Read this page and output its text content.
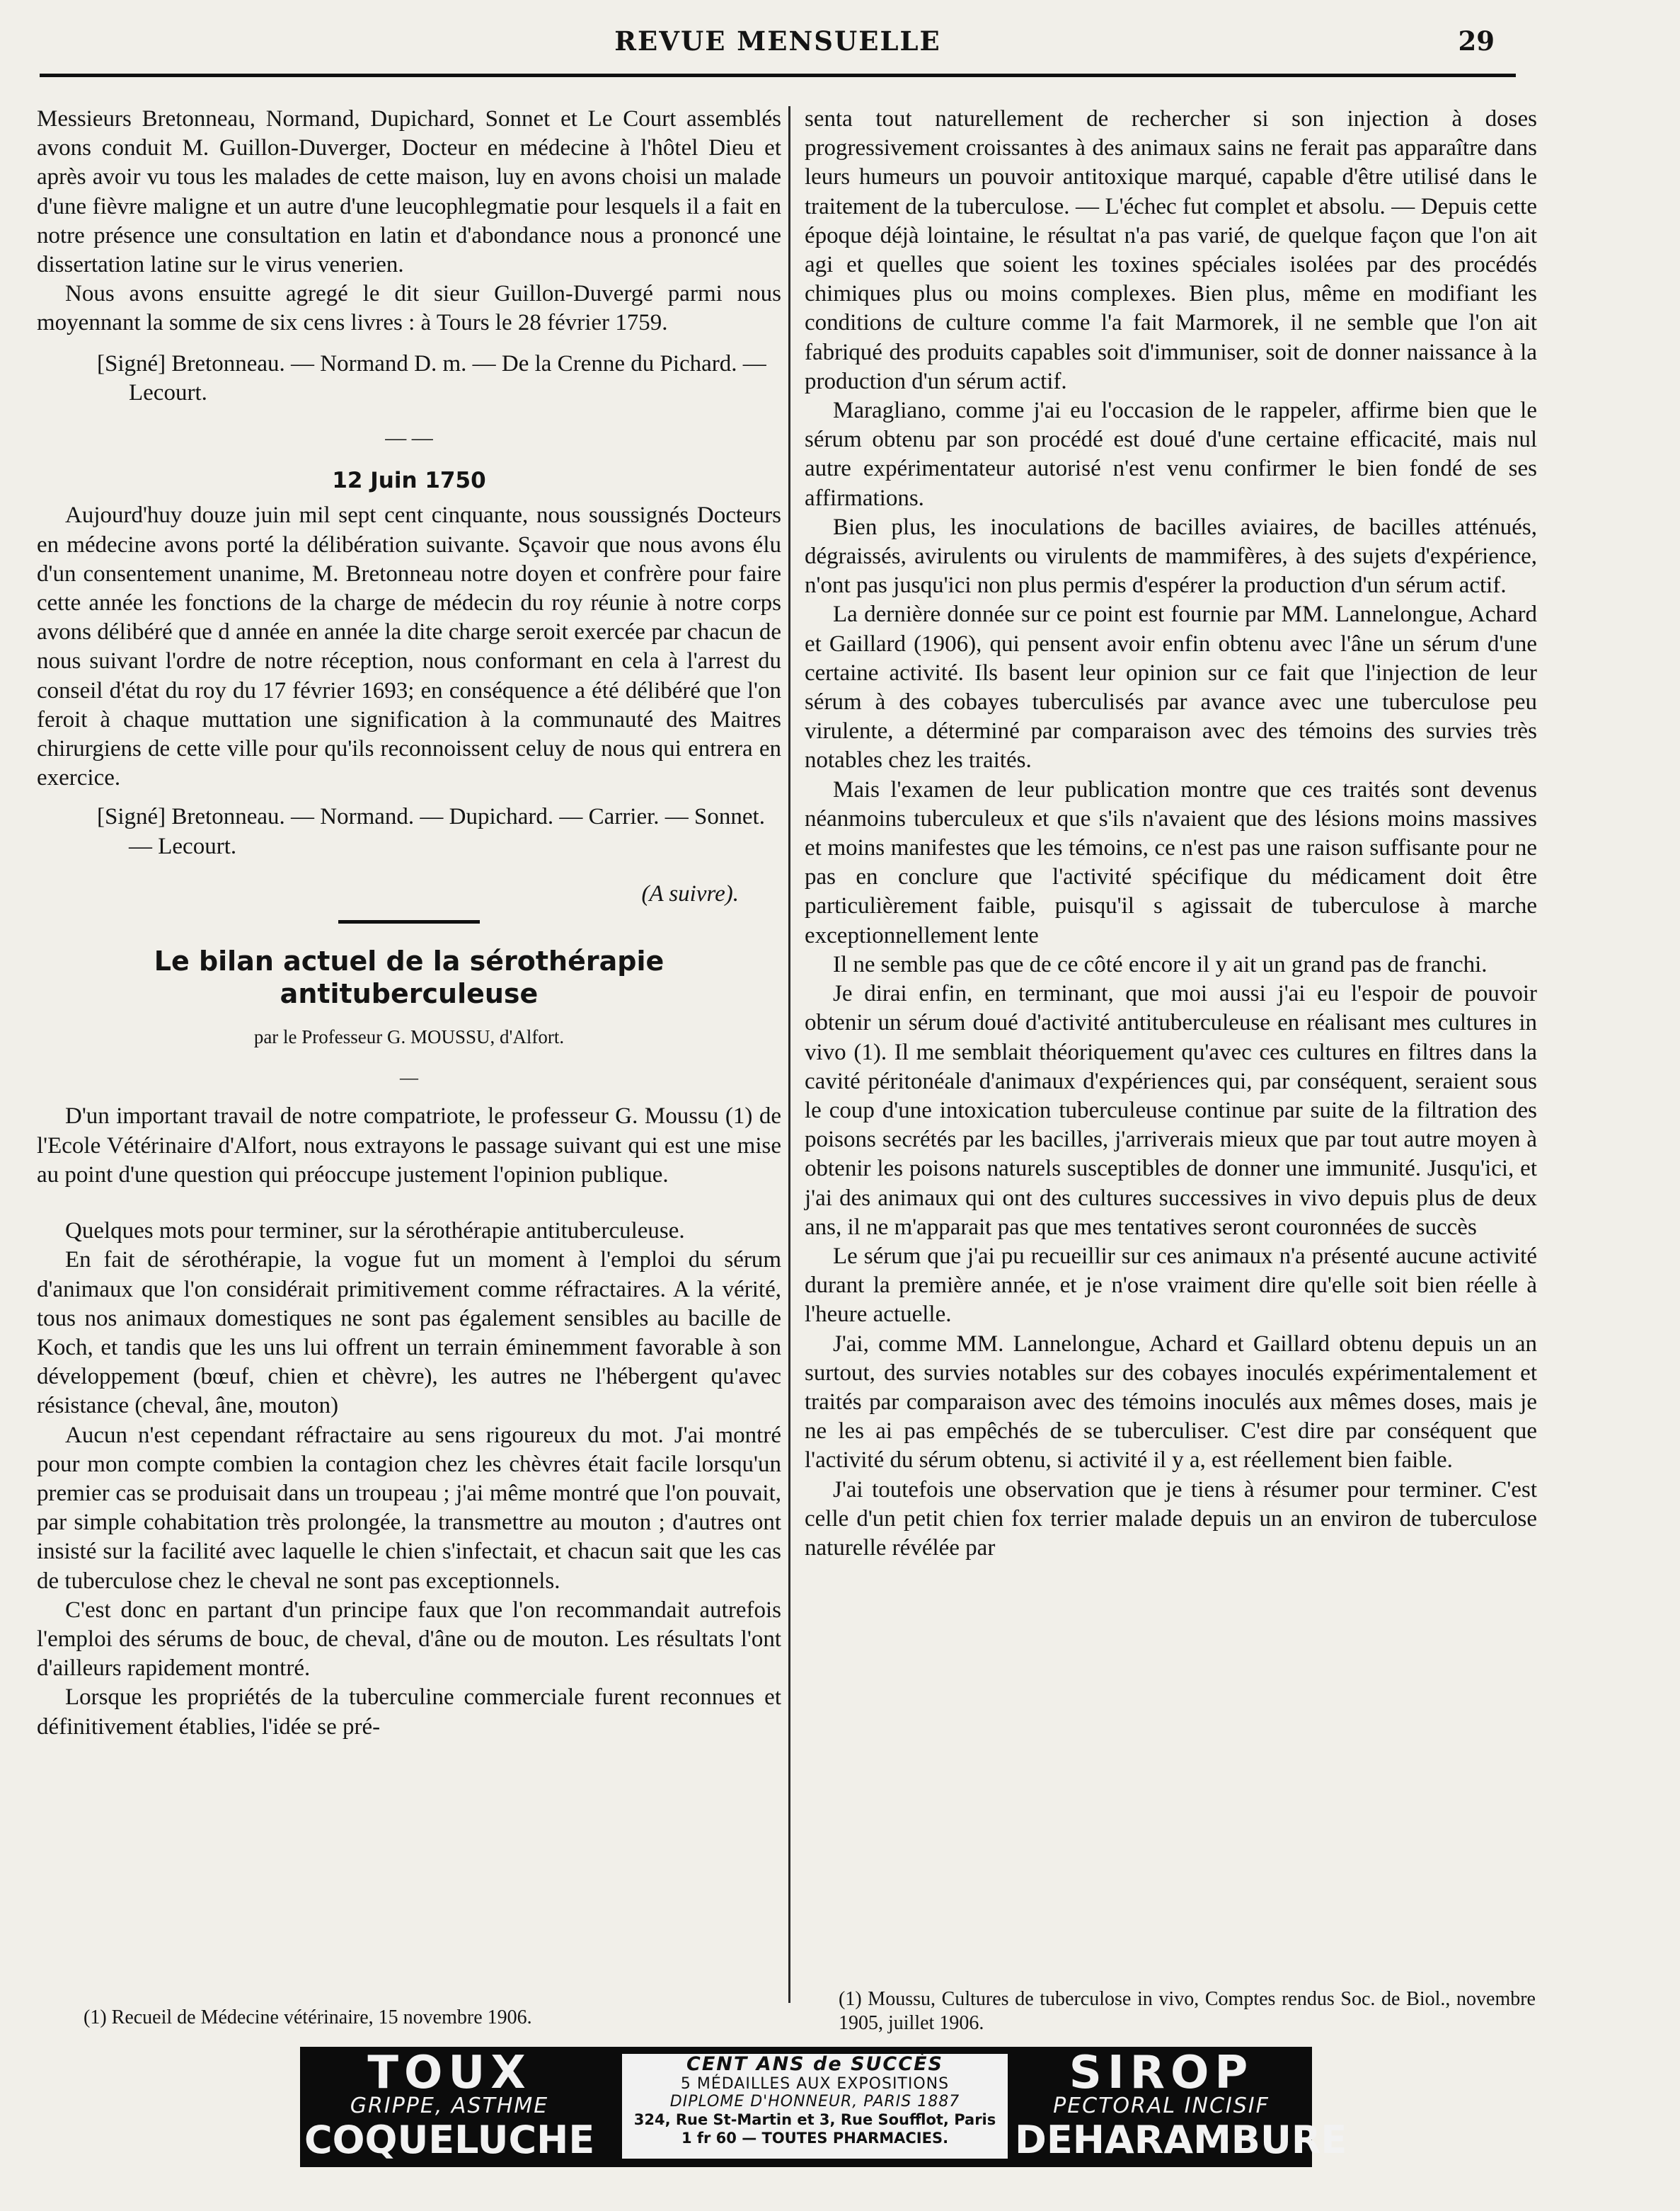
REVUE MENSUELLE	29

Messieurs Bretonneau, Normand, Dupichard, Sonnet et Le Court assemblés avons conduit M. Guillon-Duverger, Docteur en médecine à l'hôtel Dieu et après avoir vu tous les malades de cette maison, luy en avons choisi un malade d'une fièvre maligne et un autre d'une leucophlegmatie pour lesquels il a fait en notre présence une consultation en latin et d'abondance nous a prononcé une dissertation latine sur le virus venerien.

Nous avons ensuitte agregé le dit sieur Guillon-Duvergé parmi nous moyennant la somme de six cens livres : à Tours le 28 février 1759.

[Signé] Bretonneau. — Normand D. m. — De la Crenne du Pichard. — Lecourt.

— —
12 Juin 1750

Aujourd'huy douze juin mil sept cent cinquante, nous soussignés Docteurs en médecine avons porté la délibération suivante. Sçavoir que nous avons élu d'un consentement unanime, M. Bretonneau notre doyen et confrère pour faire cette année les fonctions de la charge de médecin du roy réunie à notre corps avons délibéré que d année en année la dite charge seroit exercée par chacun de nous suivant l'ordre de notre réception, nous conformant en cela à l'arrest du conseil d'état du roy du 17 février 1693; en conséquence a été délibéré que l'on feroit à chaque muttation une signification à la communauté des Maitres chirurgiens de cette ville pour qu'ils reconnoissent celuy de nous qui entrera en exercice.

[Signé] Bretonneau. — Normand. — Dupichard. — Carrier. — Sonnet. — Lecourt.

(A suivre).
Le bilan actuel de la sérothérapie antituberculeuse
par le Professeur G. MOUSSU, d'Alfort.
—

D'un important travail de notre compatriote, le professeur G. Moussu (1) de l'Ecole Vétérinaire d'Alfort, nous extrayons le passage suivant qui est une mise au point d'une question qui préoccupe justement l'opinion publique.

Quelques mots pour terminer, sur la sérothérapie antituberculeuse.

En fait de sérothérapie, la vogue fut un moment à l'emploi du sérum d'animaux que l'on considérait primitivement comme réfractaires. A la vérité, tous nos animaux domestiques ne sont pas également sensibles au bacille de Koch, et tandis que les uns lui offrent un terrain éminemment favorable à son développement (bœuf, chien et chèvre), les autres ne l'hébergent qu'avec résistance (cheval, âne, mouton)

Aucun n'est cependant réfractaire au sens rigoureux du mot. J'ai montré pour mon compte combien la contagion chez les chèvres était facile lorsqu'un premier cas se produisait dans un troupeau ; j'ai même montré que l'on pouvait, par simple cohabitation très prolongée, la transmettre au mouton ; d'autres ont insisté sur la facilité avec laquelle le chien s'infectait, et chacun sait que les cas de tuberculose chez le cheval ne sont pas exceptionnels.

C'est donc en partant d'un principe faux que l'on recommandait autrefois l'emploi des sérums de bouc, de cheval, d'âne ou de mouton. Les résultats l'ont d'ailleurs rapidement montré.

Lorsque les propriétés de la tuberculine commerciale furent reconnues et définitivement établies, l'idée se pré-

senta tout naturellement de rechercher si son injection à doses progressivement croissantes à des animaux sains ne ferait pas apparaître dans leurs humeurs un pouvoir antitoxique marqué, capable d'être utilisé dans le traitement de la tuberculose. — L'échec fut complet et absolu. — Depuis cette époque déjà lointaine, le résultat n'a pas varié, de quelque façon que l'on ait agi et quelles que soient les toxines spéciales isolées par des procédés chimiques plus ou moins complexes. Bien plus, même en modifiant les conditions de culture comme l'a fait Marmorek, il ne semble que l'on ait fabriqué des produits capables soit d'immuniser, soit de donner naissance à la production d'un sérum actif.

Maragliano, comme j'ai eu l'occasion de le rappeler, affirme bien que le sérum obtenu par son procédé est doué d'une certaine efficacité, mais nul autre expérimentateur autorisé n'est venu confirmer le bien fondé de ses affirmations.

Bien plus, les inoculations de bacilles aviaires, de bacilles atténués, dégraissés, avirulents ou virulents de mammifères, à des sujets d'expérience, n'ont pas jusqu'ici non plus permis d'espérer la production d'un sérum actif.

La dernière donnée sur ce point est fournie par MM. Lannelongue, Achard et Gaillard (1906), qui pensent avoir enfin obtenu avec l'âne un sérum d'une certaine activité. Ils basent leur opinion sur ce fait que l'injection de leur sérum à des cobayes tuberculisés par avance avec une tuberculose peu virulente, a déterminé par comparaison avec des témoins des survies très notables chez les traités.

Mais l'examen de leur publication montre que ces traités sont devenus néanmoins tuberculeux et que s'ils n'avaient que des lésions moins massives et moins manifestes que les témoins, ce n'est pas une raison suffisante pour ne pas en conclure que l'activité spécifique du médicament doit être particulièrement faible, puisqu'il s agissait de tuberculose à marche exceptionnellement lente

Il ne semble pas que de ce côté encore il y ait un grand pas de franchi.

Je dirai enfin, en terminant, que moi aussi j'ai eu l'espoir de pouvoir obtenir un sérum doué d'activité antituberculeuse en réalisant mes cultures in vivo (1). Il me semblait théoriquement qu'avec ces cultures en filtres dans la cavité péritonéale d'animaux d'expériences qui, par conséquent, seraient sous le coup d'une intoxication tuberculeuse continue par suite de la filtration des poisons secrétés par les bacilles, j'arriverais mieux que par tout autre moyen à obtenir les poisons naturels susceptibles de donner une immunité. Jusqu'ici, et j'ai des animaux qui ont des cultures successives in vivo depuis plus de deux ans, il ne m'apparait pas que mes tentatives seront couronnées de succès

Le sérum que j'ai pu recueillir sur ces animaux n'a présenté aucune activité durant la première année, et je n'ose vraiment dire qu'elle soit bien réelle à l'heure actuelle.

J'ai, comme MM. Lannelongue, Achard et Gaillard obtenu depuis un an surtout, des survies notables sur des cobayes inoculés expérimentalement et traités par comparaison avec des témoins inoculés aux mêmes doses, mais je ne les ai pas empêchés de se tuberculiser. C'est dire par conséquent que l'activité du sérum obtenu, si activité il y a, est réellement bien faible.

J'ai toutefois une observation que je tiens à résumer pour terminer. C'est celle d'un petit chien fox terrier malade depuis un an environ de tuberculose naturelle révélée par

(1) Recueil de Médecine vétérinaire, 15 novembre 1906.
(1) Moussu, Cultures de tuberculose in vivo, Comptes rendus Soc. de Biol., novembre 1905, juillet 1906.
TOUX
GRIPPE, ASTHME
COQUELUCHE
CENT ANS de SUCCÈS
5 MÉDAILLES AUX EXPOSITIONS
DIPLOME D'HONNEUR, PARIS 1887
324, Rue St-Martin et 3, Rue Soufflot, Paris
1 fr 60 — TOUTES PHARMACIES.
SIROP
PECTORAL INCISIF
DEHARAMBURE
